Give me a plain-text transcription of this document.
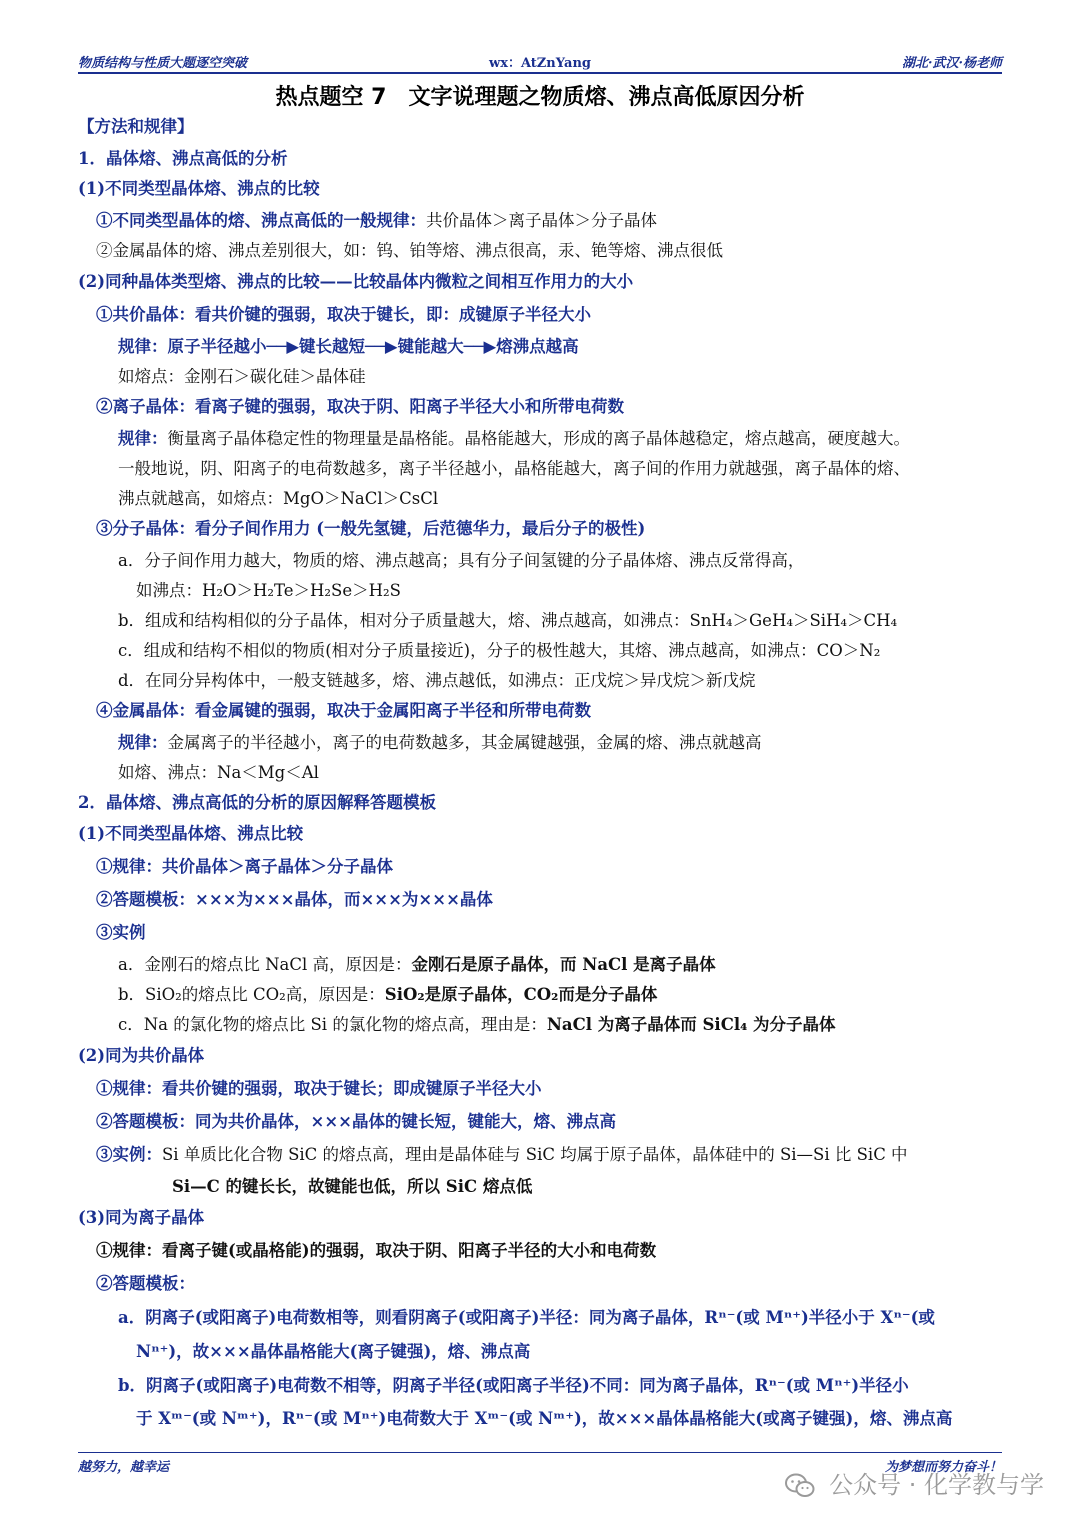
物质结构与性质大题逐空突破	wx：AtZnYang	湖北·武汉·杨老师
热点题空 7　文字说理题之物质熔、沸点高低原因分析
【方法和规律】
1．晶体熔、沸点高低的分析
(1)不同类型晶体熔、沸点的比较
①不同类型晶体的熔、沸点高低的一般规律：共价晶体＞离子晶体＞分子晶体
②金属晶体的熔、沸点差别很大，如：钨、铂等熔、沸点很高，汞、铯等熔、沸点很低
(2)同种晶体类型熔、沸点的比较——比较晶体内微粒之间相互作用力的大小
①共价晶体：看共价键的强弱，取决于键长，即：成键原子半径大小
规律：原子半径越小──▶键长越短──▶键能越大──▶熔沸点越高
如熔点：金刚石＞碳化硅＞晶体硅
②离子晶体：看离子键的强弱，取决于阴、阳离子半径大小和所带电荷数
规律：衡量离子晶体稳定性的物理量是晶格能。晶格能越大，形成的离子晶体越稳定，熔点越高，硬度越大。
一般地说，阴、阳离子的电荷数越多，离子半径越小，晶格能越大，离子间的作用力就越强，离子晶体的熔、
沸点就越高，如熔点：MgO＞NaCl＞CsCl
③分子晶体：看分子间作用力 (一般先氢键，后范德华力，最后分子的极性)
a．分子间作用力越大，物质的熔、沸点越高；具有分子间氢键的分子晶体熔、沸点反常得高，
如沸点：H₂O＞H₂Te＞H₂Se＞H₂S
b．组成和结构相似的分子晶体，相对分子质量越大，熔、沸点越高，如沸点：SnH₄＞GeH₄＞SiH₄＞CH₄
c．组成和结构不相似的物质(相对分子质量接近)，分子的极性越大，其熔、沸点越高，如沸点：CO＞N₂
d．在同分异构体中，一般支链越多，熔、沸点越低，如沸点：正戊烷＞异戊烷＞新戊烷
④金属晶体：看金属键的强弱，取决于金属阳离子半径和所带电荷数
规律：金属离子的半径越小，离子的电荷数越多，其金属键越强，金属的熔、沸点就越高
如熔、沸点：Na＜Mg＜Al
2．晶体熔、沸点高低的分析的原因解释答题模板
(1)不同类型晶体熔、沸点比较
①规律：共价晶体＞离子晶体＞分子晶体
②答题模板：×××为×××晶体，而×××为×××晶体
③实例
a．金刚石的熔点比 NaCl 高，原因是：金刚石是原子晶体，而 NaCl 是离子晶体
b．SiO₂的熔点比 CO₂高，原因是：SiO₂是原子晶体，CO₂而是分子晶体
c．Na 的氯化物的熔点比 Si 的氯化物的熔点高，理由是：NaCl 为离子晶体而 SiCl₄ 为分子晶体
(2)同为共价晶体
①规律：看共价键的强弱，取决于键长；即成键原子半径大小
②答题模板：同为共价晶体，×××晶体的键长短，键能大，熔、沸点高
③实例：Si 单质比化合物 SiC 的熔点高，理由是晶体硅与 SiC 均属于原子晶体，晶体硅中的 Si—Si 比 SiC 中
Si—C 的键长长，故键能也低，所以 SiC 熔点低
(3)同为离子晶体
①规律：看离子键(或晶格能)的强弱，取决于阴、阳离子半径的大小和电荷数
②答题模板：
a．阴离子(或阳离子)电荷数相等，则看阴离子(或阳离子)半径：同为离子晶体，Rⁿ⁻(或 Mⁿ⁺)半径小于 Xⁿ⁻(或
Nⁿ⁺)，故×××晶体晶格能大(离子键强)，熔、沸点高
b．阴离子(或阳离子)电荷数不相等，阴离子半径(或阳离子半径)不同：同为离子晶体，Rⁿ⁻(或 Mⁿ⁺)半径小
于 Xᵐ⁻(或 Nᵐ⁺)，Rⁿ⁻(或 Mⁿ⁺)电荷数大于 Xᵐ⁻(或 Nᵐ⁺)，故×××晶体晶格能大(或离子键强)，熔、沸点高
越努力，越幸运	为梦想而努力奋斗！
公众号 · 化学教与学
